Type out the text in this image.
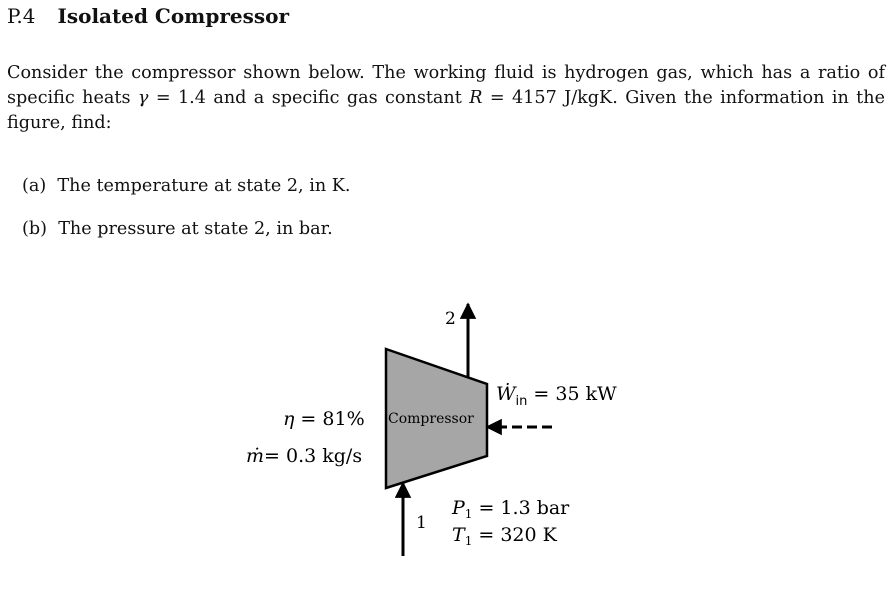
P.4 Isolated Compressor
Consider the compressor shown below. The working fluid is hydrogen gas, which has a ratio of specific heats γ = 1.4 and a specific gas constant R = 4157 J/kgK. Given the information in the figure, find:
(a) The temperature at state 2, in K.
(b) The pressure at state 2, in bar.
Compressor
2
1
Ẇ$_{in}$ = 35 kW
η = 81%
ṁ= 0.3 kg/s
$P_1 = 1.3$ bar
$T_1 = 320$ K
